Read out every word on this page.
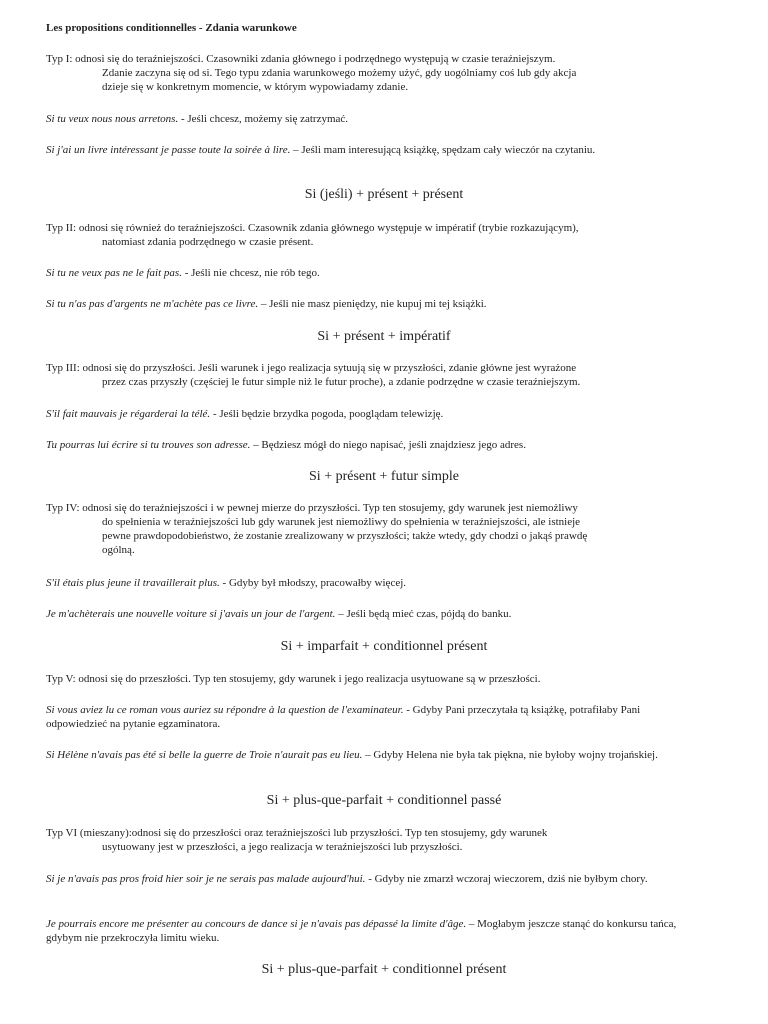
Les propositions conditionnelles - Zdania warunkowe
Typ I: odnosi się do teraźniejszości. Czasowniki zdania głównego i podrzędnego występują w czasie teraźniejszym.
Zdanie zaczyna się od si. Tego typu zdania warunkowego możemy użyć, gdy uogólniamy coś lub gdy akcja
dzieje się w konkretnym momencie, w którym wypowiadamy zdanie.
Si tu veux nous nous arretons. - Jeśli chcesz, możemy się zatrzymać.
Si j'ai un livre intéressant je passe toute la soirée à lire. – Jeśli mam interesującą książkę, spędzam cały wieczór na czytaniu.
Si (jeśli) + présent + présent
Typ II: odnosi się również do teraźniejszości. Czasownik zdania głównego występuje w impératif (trybie rozkazującym),
natomiast zdania podrzędnego w czasie présent.
Si tu ne veux pas ne le fait pas. - Jeśli nie chcesz, nie rób tego.
Si tu n'as pas d'argents ne m'achète pas ce livre. – Jeśli nie masz pieniędzy, nie kupuj mi tej książki.
Si + présent + impératif
Typ III: odnosi się do przyszłości. Jeśli warunek i jego realizacja sytuują się w przyszłości, zdanie główne jest wyrażone
przez czas przyszły (częściej le futur simple niż le futur proche), a zdanie podrzędne w czasie teraźniejszym.
S'il fait mauvais je régarderai la télé. - Jeśli będzie brzydka pogoda, pooglądam telewizję.
Tu pourras lui écrire si tu trouves son adresse. – Będziesz mógł do niego napisać, jeśli znajdziesz jego adres.
Si + présent + futur simple
Typ IV: odnosi się do teraźniejszości i w pewnej mierze do przyszłości. Typ ten stosujemy, gdy warunek jest niemożliwy
do spełnienia w teraźniejszości lub gdy warunek jest niemożliwy do spełnienia w teraźniejszości, ale istnieje
pewne prawdopodobieństwo, że zostanie zrealizowany w przyszłości; także wtedy, gdy chodzi o jakąś prawdę
ogólną.
S'il étais plus jeune il travaillerait plus. - Gdyby był młodszy, pracowałby więcej.
Je m'achèterais une nouvelle voiture si j'avais un jour de l'argent. – Jeśli będą mieć czas, pójdą do banku.
Si + imparfait + conditionnel présent
Typ V: odnosi się do przeszłości. Typ ten stosujemy, gdy warunek i jego realizacja usytuowane są w przeszłości.
Si vous aviez lu ce roman vous auriez su répondre à la question de l'examinateur. - Gdyby Pani przeczytała tą książkę, potrafiłaby Pani odpowiedzieć na pytanie egzaminatora.
Si Hélène n'avais pas été si belle la guerre de Troie n'aurait pas eu lieu. – Gdyby Helena nie była tak piękna, nie byłoby wojny trojańskiej.
Si + plus-que-parfait + conditionnel passé
Typ VI (mieszany):odnosi się do przeszłości oraz teraźniejszości lub przyszłości. Typ ten stosujemy, gdy warunek
usytuowany jest w przeszłości, a jego realizacja w teraźniejszości lub przyszłości.
Si je n'avais pas pros froid hier soir je ne serais pas malade aujourd'hui. - Gdyby nie zmarzł wczoraj wieczorem, dziś nie byłbym chory.
Je pourrais encore me présenter au concours de dance si je n'avais pas dépassé la limite d'âge. – Mogłabym jeszcze stanąć do konkursu tańca, gdybym nie przekroczyła limitu wieku.
Si + plus-que-parfait + conditionnel présent
